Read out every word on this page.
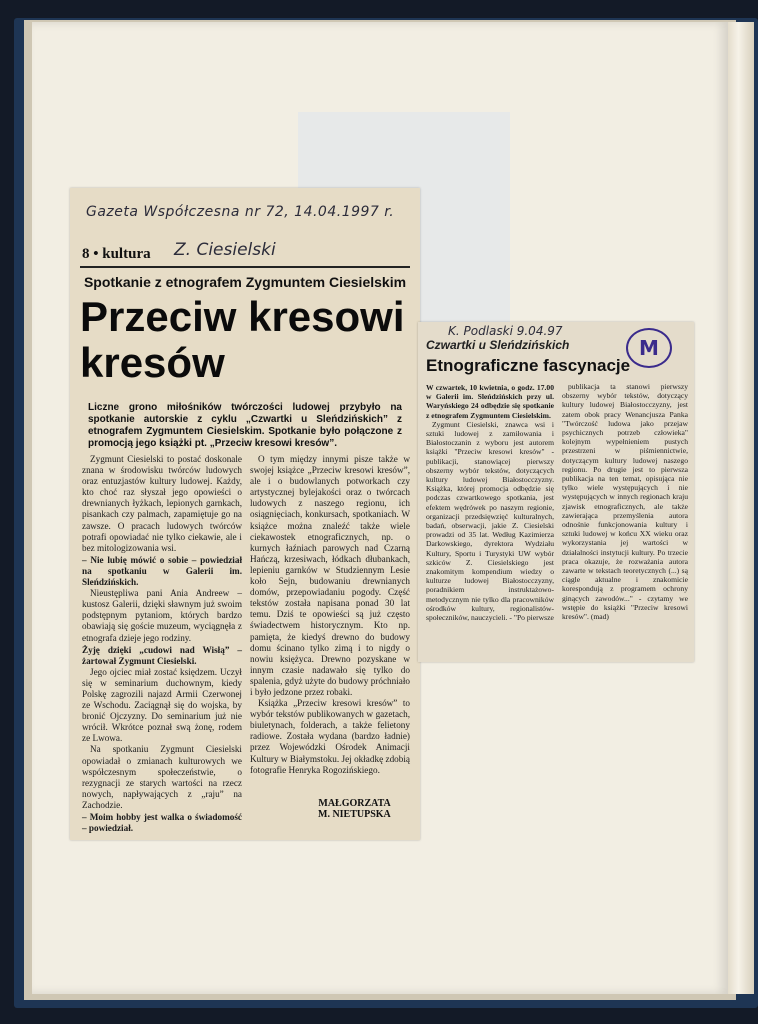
Gazeta Współczesna nr 72, 14.04.1997 r.
8 • kultura Z. Ciesielski
Spotkanie z etnografem Zygmuntem Ciesielskim
Przeciw kresowi kresów
Liczne grono miłośników twórczości ludowej przybyło na spotkanie autorskie z cyklu „Czwartki u Sleńdzińskich” z etnografem Zygmuntem Ciesielskim. Spotkanie było połączone z promocją jego książki pt. „Przeciw kresowi kresów”.

Zygmunt Ciesielski to postać doskonale znana w środowisku twórców ludowych oraz entuzjastów kultury ludowej. Każdy, kto choć raz słyszał jego opowieści o drewnianych łyżkach, lepionych garnkach, pisankach czy palmach, zapamiętuje go na zawsze. O pracach ludowych twórców potrafi opowiadać nie tylko ciekawie, ale i bez mitologizowania wsi.

– Nie lubię mówić o sobie – powiedział na spotkaniu w Galerii im. Sleńdzińskich.

Nieustępliwa pani Ania Andreew – kustosz Galerii, dzięki sławnym już swoim podstępnym pytaniom, których bardzo obawiają się goście muzeum, wyciągnęła z etnografa dzieje jego rodziny.

Żyję dzięki „cudowi nad Wisłą” – żartował Zygmunt Ciesielski.

Jego ojciec miał zostać księdzem. Uczył się w seminarium duchownym, kiedy Polskę zagrozili najazd Armii Czerwonej ze Wschodu. Zaciągnął się do wojska, by bronić Ojczyzny. Do seminarium już nie wrócił. Wkrótce poznał swą żonę, rodem ze Lwowa.

Na spotkaniu Zygmunt Ciesielski opowiadał o zmianach kulturowych we współczesnym społeczeństwie, o rezygnacji ze starych wartości na rzecz nowych, napływających z „raju” na Zachodzie.

– Moim hobby jest walka o świadomość – powiedział.

O tym między innymi pisze także w swojej książce „Przeciw kresowi kresów”, ale i o budowlanych potworkach czy artystycznej bylejakości oraz o twórcach ludowych z naszego regionu, ich osiągnięciach, konkursach, spotkaniach. W książce można znaleźć także wiele ciekawostek etnograficznych, np. o kurnych łaźniach parowych nad Czarną Hańczą, krzesiwach, łódkach dłubankach, lepieniu garnków w Studziennym Lesie koło Sejn, budowaniu drewnianych domów, przepowiadaniu pogody. Część tekstów została napisana ponad 30 lat temu. Dziś te opowieści są już często świadectwem historycznym. Kto np. pamięta, że kiedyś drewno do budowy domu ścinano tylko zimą i to nigdy o nowiu księżyca. Drewno pozyskane w innym czasie nadawało się tylko do spalenia, gdyż użyte do budowy próchniało i było jedzone przez robaki.

Książka „Przeciw kresowi kresów” to wybór tekstów publikowanych w gazetach, biuletynach, folderach, a także felietony radiowe. Została wydana (bardzo ładnie) przez Wojewódzki Ośrodek Animacji Kultury w Białymstoku. Jej okładkę zdobią fotografie Henryka Rogozińskiego.

MAŁGORZATA
M. NIETUPSKA
K. Podlaski 9.04.97
Czwartki u Sleńdzińskich	M
Etnograficzne fascynacje

W czwartek, 10 kwietnia, o godz. 17.00 w Galerii im. Sleńdzińskich przy ul. Waryńskiego 24 odbędzie się spotkanie z etnografem Zygmuntem Ciesielskim.

Zygmunt Ciesielski, znawca wsi i sztuki ludowej z zamiłowania i Białostoczanin z wyboru jest autorem książki "Przeciw kresowi kresów" - publikacji, stanowiącej pierwszy obszerny wybór tekstów, dotyczących kultury ludowej Białostocczyzny. Książka, której promocja odbędzie się podczas czwartkowego spotkania, jest efektem wędrówek po naszym regionie, organizacji przedsięwzięć kulturalnych, badań, obserwacji, jakie Z. Ciesielski prowadzi od 35 lat. Według Kazimierza Darkowskiego, dyrektora Wydziału Kultury, Sportu i Turystyki UW wybór szkiców Z. Ciesielskiego jest znakomitym kompendium wiedzy o kulturze ludowej Białostocczyzny, poradnikiem instruktażowo-metodycznym nie tylko dla pracowników ośrodków kultury, regionalistów-społeczników, nauczycieli. - "Po pierwsze

publikacja ta stanowi pierwszy obszerny wybór tekstów, dotyczący kultury ludowej Białostocczyzny, jest zatem obok pracy Wenancjusza Panka "Twórczość ludowa jako przejaw psychicznych potrzeb człowieka" kolejnym wypełnieniem pustych przestrzeni w piśmiennictwie, dotyczącym kultury ludowej naszego regionu. Po drugie jest to pierwsza publikacja na ten temat, opisująca nie tylko wiele występujących i nie występujących w innych regionach kraju zjawisk etnograficznych, ale także zawierająca przemyślenia autora odnośnie funkcjonowania kultury i sztuki ludowej w końcu XX wieku oraz wykorzystania jej wartości w działalności instytucji kultury. Po trzecie praca okazuje, że rozważania autora zawarte w tekstach teoretycznych (...) są ciągle aktualne i znakomicie korespondują z programem ochrony ginących zawodów..." - czytamy we wstępie do książki "Przeciw kresowi kresów". (mad)
